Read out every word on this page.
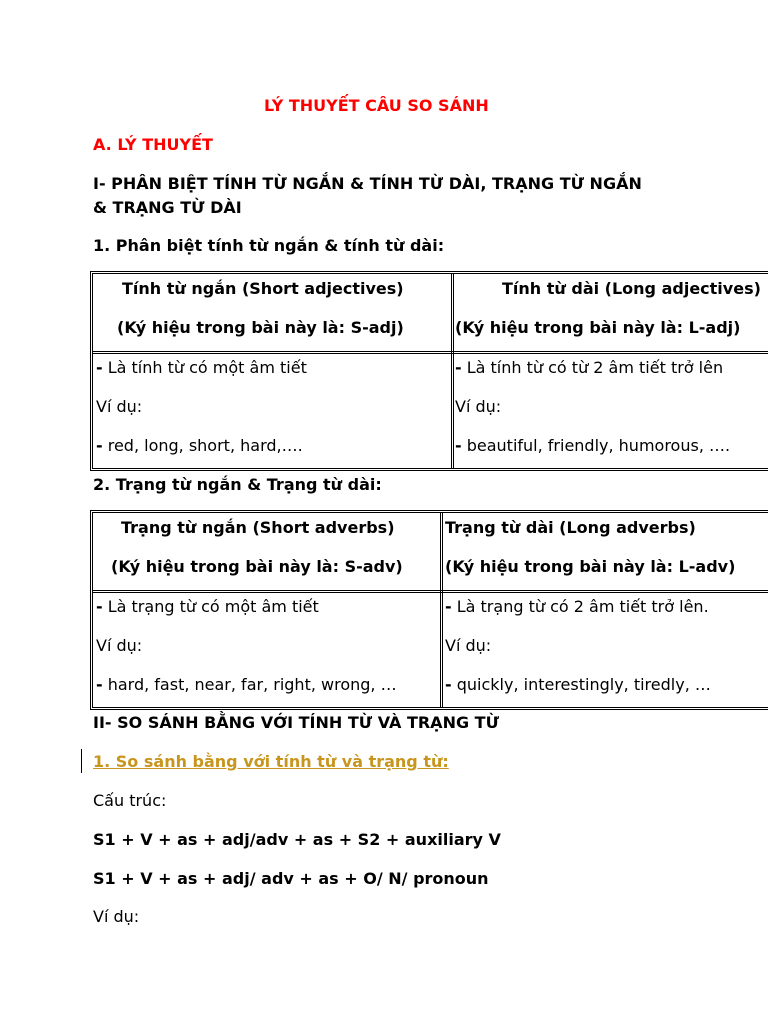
LÝ THUYẾT CÂU SO SÁNH
A. LÝ THUYẾT
I- PHÂN BIỆT TÍNH TỪ NGẮN & TÍNH TỪ DÀI, TRẠNG TỪ NGẮN
& TRẠNG TỪ DÀI
1. Phân biệt tính từ ngắn & tính từ dài:
Tính từ ngắn (Short adjectives)
(Ký hiệu trong bài này là: S-adj)
Tính từ dài (Long adjectives)
(Ký hiệu trong bài này là: L-adj)
- Là tính từ có một âm tiết
Ví dụ:
- red, long, short, hard,….
- Là tính từ có từ 2 âm tiết trở lên
Ví dụ:
- beautiful, friendly, humorous, ….
2. Trạng từ ngắn & Trạng từ dài:
Trạng từ ngắn (Short adverbs)
(Ký hiệu trong bài này là: S-adv)
Trạng từ dài (Long adverbs)
(Ký hiệu trong bài này là: L-adv)
- Là trạng từ có một âm tiết
Ví dụ:
- hard, fast, near, far, right, wrong, …
- Là trạng từ có 2 âm tiết trở lên.
Ví dụ:
- quickly, interestingly, tiredly, …
II- SO SÁNH BẰNG VỚI TÍNH TỪ VÀ TRẠNG TỪ
1. So sánh bằng với tính từ và trạng từ:
Cấu trúc:
S1 + V + as + adj/adv + as + S2 + auxiliary V
S1 + V + as + adj/ adv + as + O/ N/ pronoun
Ví dụ:
